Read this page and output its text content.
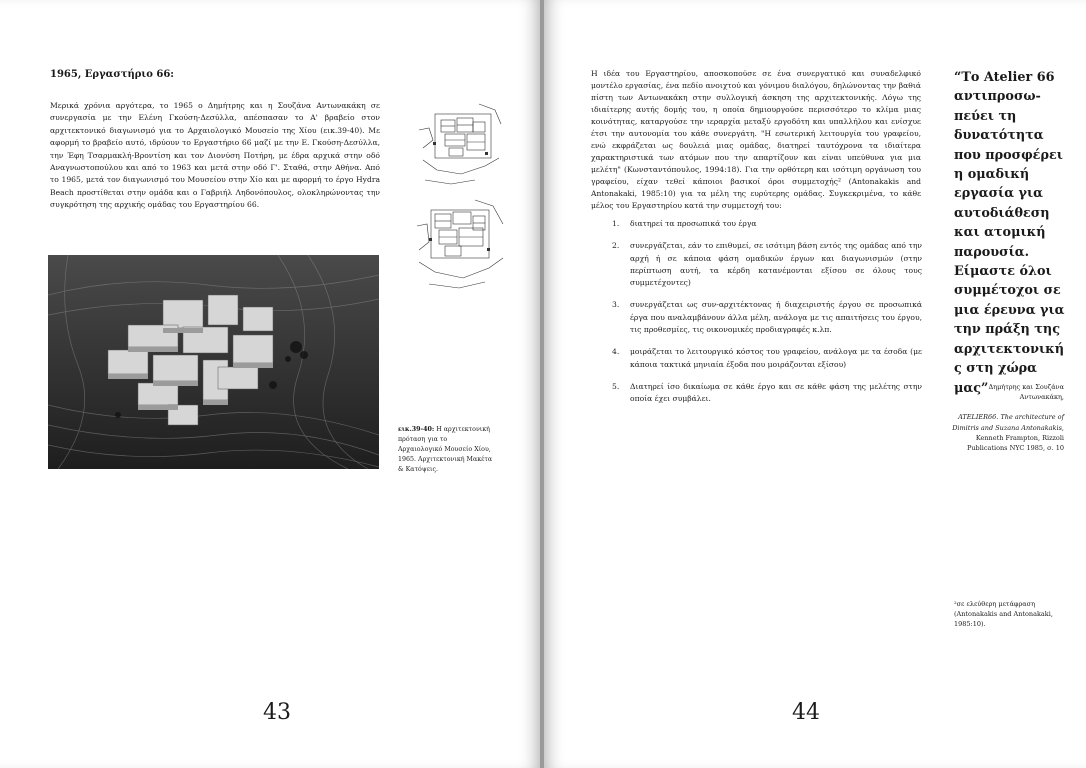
1965, Εργαστήριο 66:

Μερικά χρόνια αργότερα, το 1965 ο Δημήτρης και η Σουζάνα Αντωνακάκη σε συνεργασία με την Ελένη Γκούση-Δεσύλλα, απέσπασαν το Α' βραβείο στον αρχιτεκτονικό διαγωνισμό για το Αρχαιολογικό Μουσείο της Χίου (εικ.39-40). Με αφορμή το βραβείο αυτό, ιδρύουν το Εργαστήριο 66 μαζί με την Ε. Γκούση-Δεσύλλα, την Έφη Τσαρμακλή-Βροντίση και τον Διονύση Ποτήρη, με έδρα αρχικά στην οδό Αναγνωστοπούλου και από το 1963 και μετά στην οδό Γ'. Σταθά, στην Αθήνα. Από το 1965, μετά τον διαγωνισμό του Μουσείου στην Χίο και με αφορμή το έργο Hydra Beach προστίθεται στην ομάδα και ο Γαβριήλ Ληδονόπουλος, ολοκληρώνοντας την συγκρότηση της αρχικής ομάδας του Εργαστηρίου 66.

εικ.39-40: Η αρχιτεκτονική πρόταση για το Αρχαιολογικό Μουσείο Χίου, 1965. Αρχιτεκτονική Μακέτα & Κατόψεις.
43

Η ιδέα του Εργαστηρίου, αποσκοπούσε σε ένα συνεργατικό και συναδελφικό μοντέλο εργασίας, ένα πεδίο ανοιχτού και γόνιμου διαλόγου, δηλώνοντας την βαθιά πίστη των Αντωνακάκη στην συλλογική άσκηση της αρχιτεκτονικής. Λόγω της ιδιαίτερης αυτής δομής του, η οποία δημιουργούσε περισσότερο το κλίμα μιας κοινότητας, καταργούσε την ιεραρχία μεταξύ εργοδότη και υπαλλήλου και ενίσχυε έτσι την αυτονομία του κάθε συνεργάτη. "Η εσωτερική λειτουργία του γραφείου, ενώ εκφράζεται ως δουλειά μιας ομάδας, διατηρεί ταυτόχρονα τα ιδιαίτερα χαρακτηριστικά των ατόμων που την απαρτίζουν και είναι υπεύθυνα για μια μελέτη" (Κωνσταντόπουλος, 1994:18). Για την ορθότερη και ισότιμη οργάνωση του γραφείου, είχαν τεθεί κάποιοι βασικοί όροι συμμετοχής² (Antonakakis and Antonakaki, 1985:10) για τα μέλη της ευρύτερης ομάδας. Συγκεκριμένα, το κάθε μέλος του Εργαστηρίου κατά την συμμετοχή του:

1. διατηρεί τα προσωπικά του έργα
2. συνεργάζεται, εάν το επιθυμεί, σε ισότιμη βάση εντός της ομάδας από την αρχή ή σε κάποια φάση ομαδικών έργων και διαγωνισμών (στην περίπτωση αυτή, τα κέρδη κατανέμονται εξίσου σε όλους τους συμμετέχοντες)
3. συνεργάζεται ως συν-αρχιτέκτονας ή διαχειριστής έργου σε προσωπικά έργα που αναλαμβάνουν άλλα μέλη, ανάλογα με τις απαιτήσεις του έργου, τις προθεσμίες, τις οικονομικές προδιαγραφές κ.λπ.
4. μοιράζεται το λειτουργικό κόστος του γραφείου, ανάλογα με τα έσοδα (με κάποια τακτικά μηνιαία έξοδα που μοιράζονται εξίσου)
5. Διατηρεί ίσο δικαίωμα σε κάθε έργο και σε κάθε φάση της μελέτης στην οποία έχει συμβάλει.

“Το Atelier 66 αντιπροσω-πεύει τη δυνατότητα που προσφέρει η ομαδική εργασία για αυτοδιάθεση και ατομική παρουσία. Είμαστε όλοι συμμέτοχοι σε μια έρευνα για την πράξη της αρχιτεκτονική ς στη χώρα μας” Δημήτρης και Σουζάνα Αντωνακάκη,
ATELIER66. The architecture of Dimitris and Suzana Antonakakis, Kenneth Frampton, Rizzoli Publications NYC 1985, σ. 10
²σε ελεύθερη μετάφραση (Antonakakis and Antonakaki, 1985:10).
44
